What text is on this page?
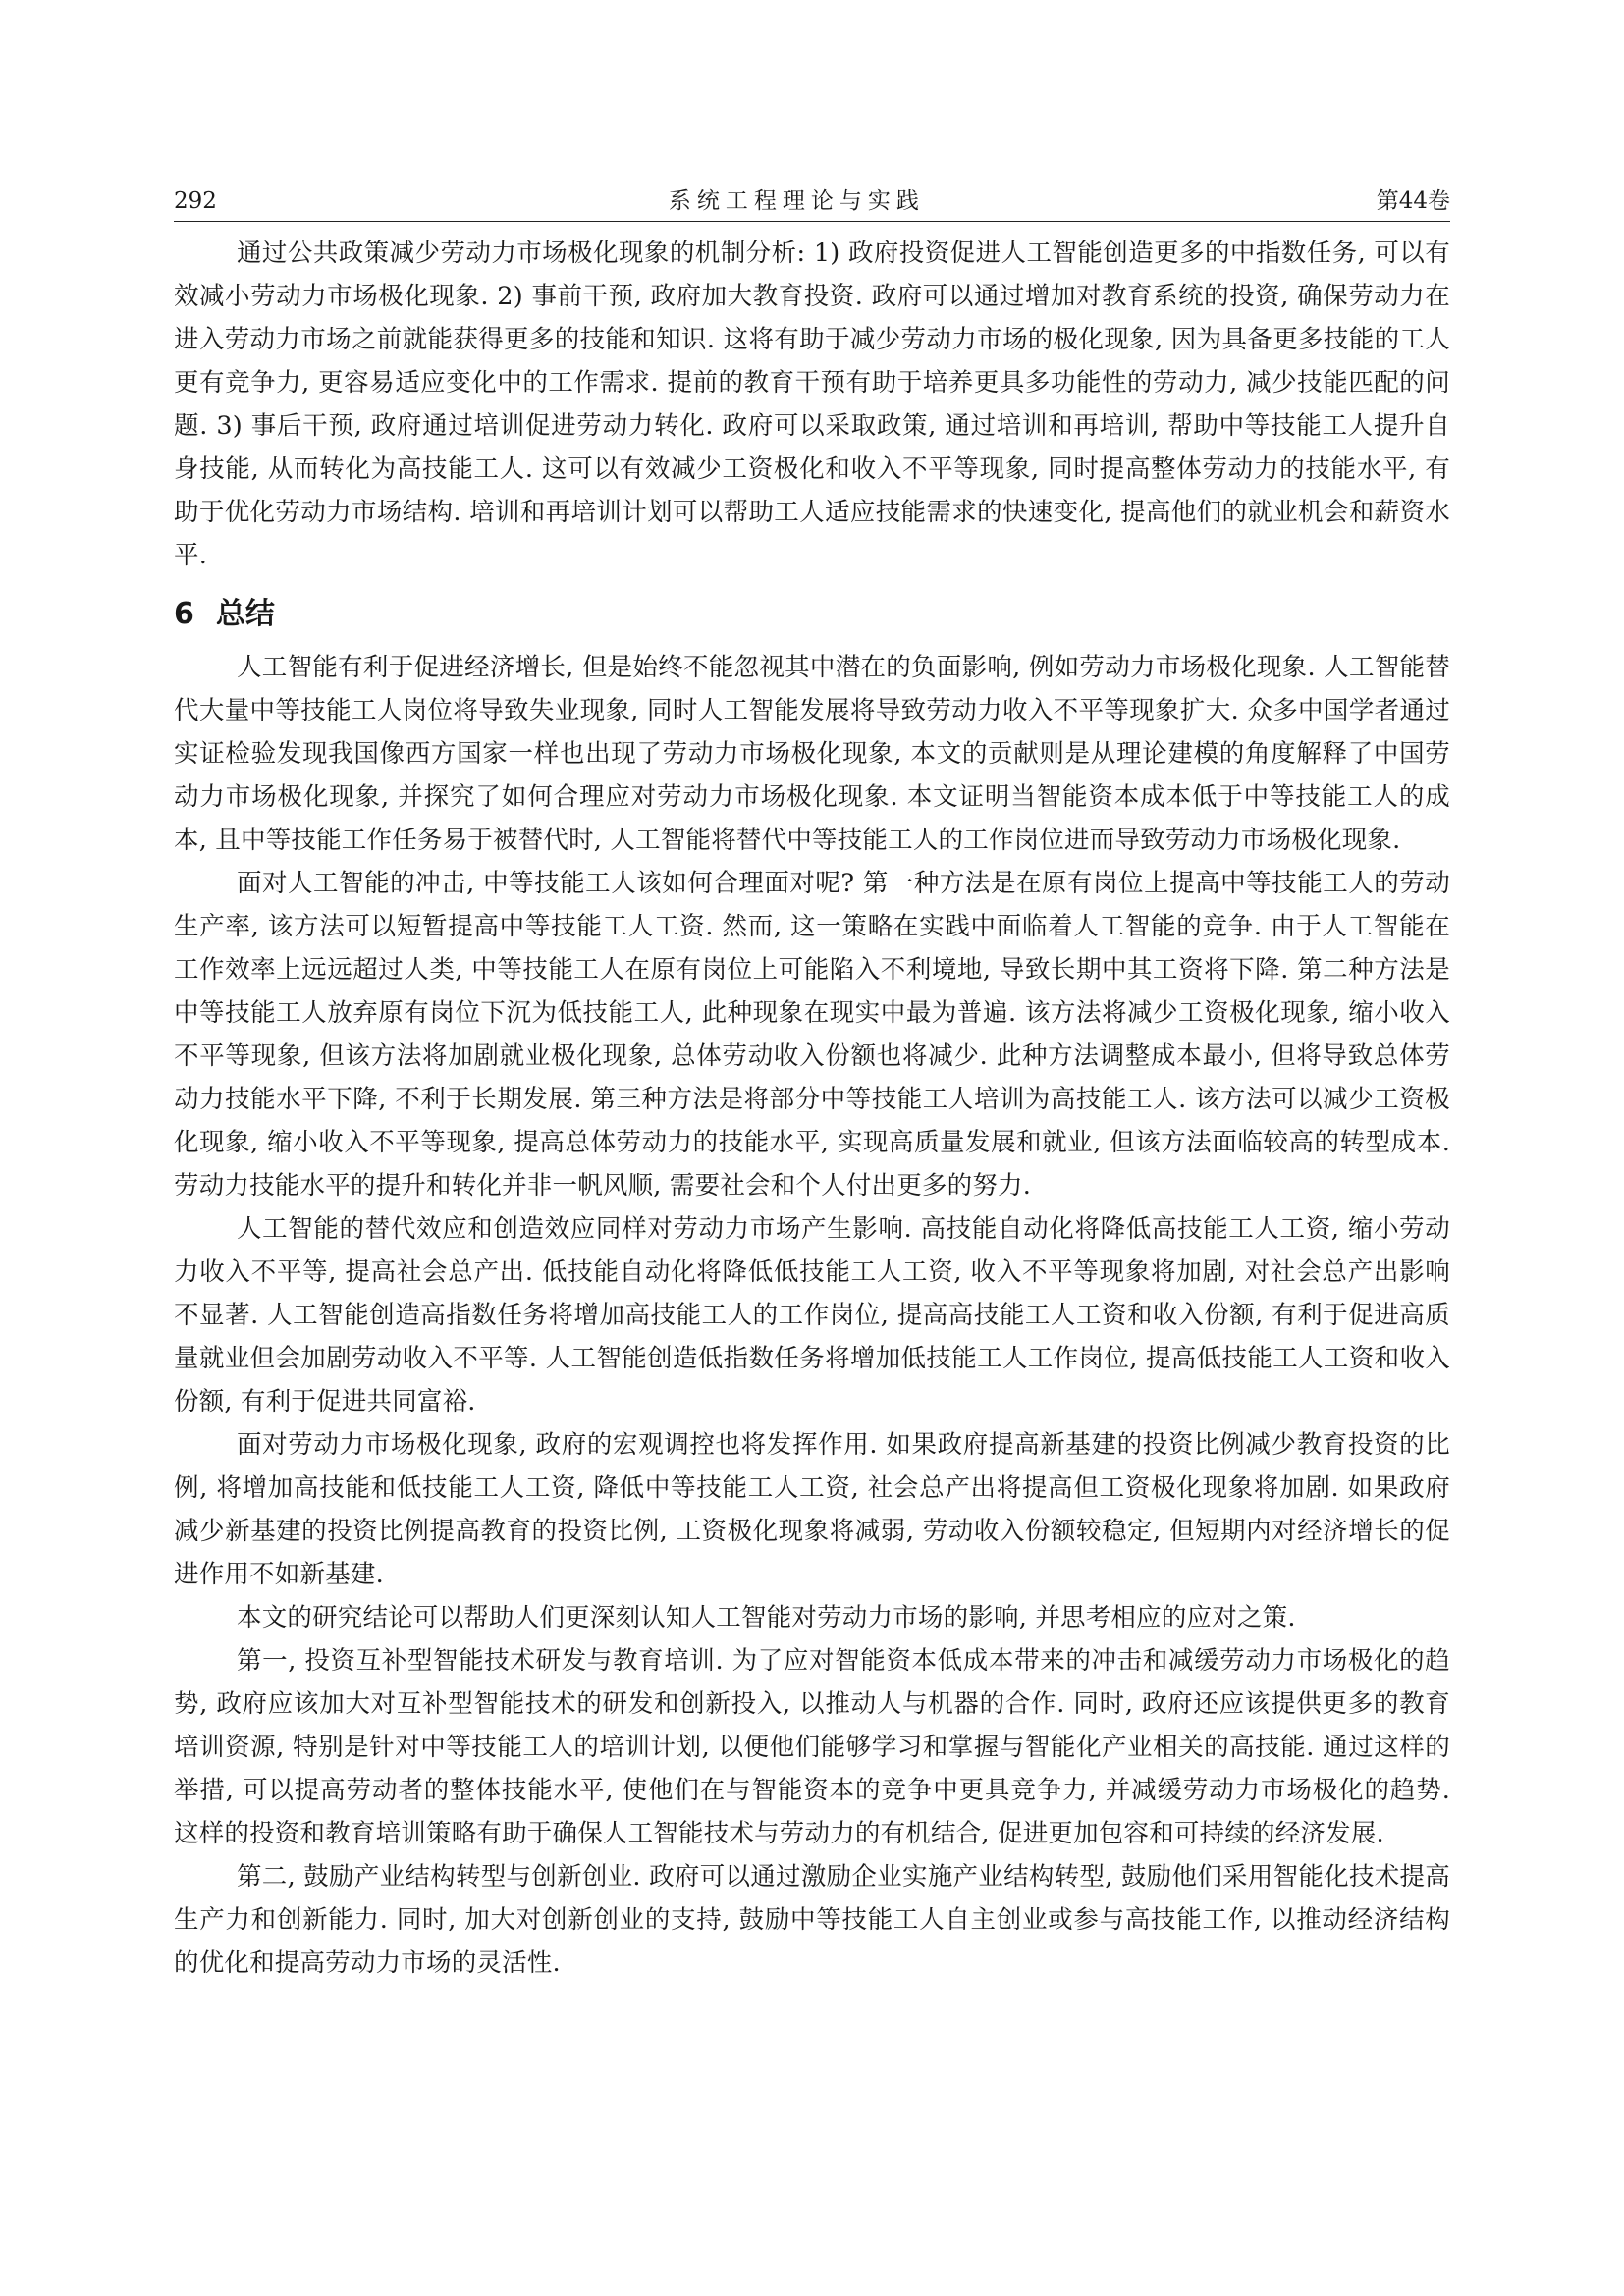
292	系统工程理论与实践	第44卷

通过公共政策减少劳动力市场极化现象的机制分析: 1) 政府投资促进人工智能创造更多的中指数任务, 可以有效减小劳动力市场极化现象. 2) 事前干预, 政府加大教育投资. 政府可以通过增加对教育系统的投资, 确保劳动力在进入劳动力市场之前就能获得更多的技能和知识. 这将有助于减少劳动力市场的极化现象, 因为具备更多技能的工人更有竞争力, 更容易适应变化中的工作需求. 提前的教育干预有助于培养更具多功能性的劳动力, 减少技能匹配的问题. 3) 事后干预, 政府通过培训促进劳动力转化. 政府可以采取政策, 通过培训和再培训, 帮助中等技能工人提升自身技能, 从而转化为高技能工人. 这可以有效减少工资极化和收入不平等现象, 同时提高整体劳动力的技能水平, 有助于优化劳动力市场结构. 培训和再培训计划可以帮助工人适应技能需求的快速变化, 提高他们的就业机会和薪资水平.

6 总结

人工智能有利于促进经济增长, 但是始终不能忽视其中潜在的负面影响, 例如劳动力市场极化现象. 人工智能替代大量中等技能工人岗位将导致失业现象, 同时人工智能发展将导致劳动力收入不平等现象扩大. 众多中国学者通过实证检验发现我国像西方国家一样也出现了劳动力市场极化现象, 本文的贡献则是从理论建模的角度解释了中国劳动力市场极化现象, 并探究了如何合理应对劳动力市场极化现象. 本文证明当智能资本成本低于中等技能工人的成本, 且中等技能工作任务易于被替代时, 人工智能将替代中等技能工人的工作岗位进而导致劳动力市场极化现象.

面对人工智能的冲击, 中等技能工人该如何合理面对呢? 第一种方法是在原有岗位上提高中等技能工人的劳动生产率, 该方法可以短暂提高中等技能工人工资. 然而, 这一策略在实践中面临着人工智能的竞争. 由于人工智能在工作效率上远远超过人类, 中等技能工人在原有岗位上可能陷入不利境地, 导致长期中其工资将下降. 第二种方法是中等技能工人放弃原有岗位下沉为低技能工人, 此种现象在现实中最为普遍. 该方法将减少工资极化现象, 缩小收入不平等现象, 但该方法将加剧就业极化现象, 总体劳动收入份额也将减少. 此种方法调整成本最小, 但将导致总体劳动力技能水平下降, 不利于长期发展. 第三种方法是将部分中等技能工人培训为高技能工人. 该方法可以减少工资极化现象, 缩小收入不平等现象, 提高总体劳动力的技能水平, 实现高质量发展和就业, 但该方法面临较高的转型成本. 劳动力技能水平的提升和转化并非一帆风顺, 需要社会和个人付出更多的努力.

人工智能的替代效应和创造效应同样对劳动力市场产生影响. 高技能自动化将降低高技能工人工资, 缩小劳动力收入不平等, 提高社会总产出. 低技能自动化将降低低技能工人工资, 收入不平等现象将加剧, 对社会总产出影响不显著. 人工智能创造高指数任务将增加高技能工人的工作岗位, 提高高技能工人工资和收入份额, 有利于促进高质量就业但会加剧劳动收入不平等. 人工智能创造低指数任务将增加低技能工人工作岗位, 提高低技能工人工资和收入份额, 有利于促进共同富裕.

面对劳动力市场极化现象, 政府的宏观调控也将发挥作用. 如果政府提高新基建的投资比例减少教育投资的比例, 将增加高技能和低技能工人工资, 降低中等技能工人工资, 社会总产出将提高但工资极化现象将加剧. 如果政府减少新基建的投资比例提高教育的投资比例, 工资极化现象将减弱, 劳动收入份额较稳定, 但短期内对经济增长的促进作用不如新基建.

本文的研究结论可以帮助人们更深刻认知人工智能对劳动力市场的影响, 并思考相应的应对之策.

第一, 投资互补型智能技术研发与教育培训. 为了应对智能资本低成本带来的冲击和减缓劳动力市场极化的趋势, 政府应该加大对互补型智能技术的研发和创新投入, 以推动人与机器的合作. 同时, 政府还应该提供更多的教育培训资源, 特别是针对中等技能工人的培训计划, 以便他们能够学习和掌握与智能化产业相关的高技能. 通过这样的举措, 可以提高劳动者的整体技能水平, 使他们在与智能资本的竞争中更具竞争力, 并减缓劳动力市场极化的趋势. 这样的投资和教育培训策略有助于确保人工智能技术与劳动力的有机结合, 促进更加包容和可持续的经济发展.

第二, 鼓励产业结构转型与创新创业. 政府可以通过激励企业实施产业结构转型, 鼓励他们采用智能化技术提高生产力和创新能力. 同时, 加大对创新创业的支持, 鼓励中等技能工人自主创业或参与高技能工作, 以推动经济结构的优化和提高劳动力市场的灵活性.
